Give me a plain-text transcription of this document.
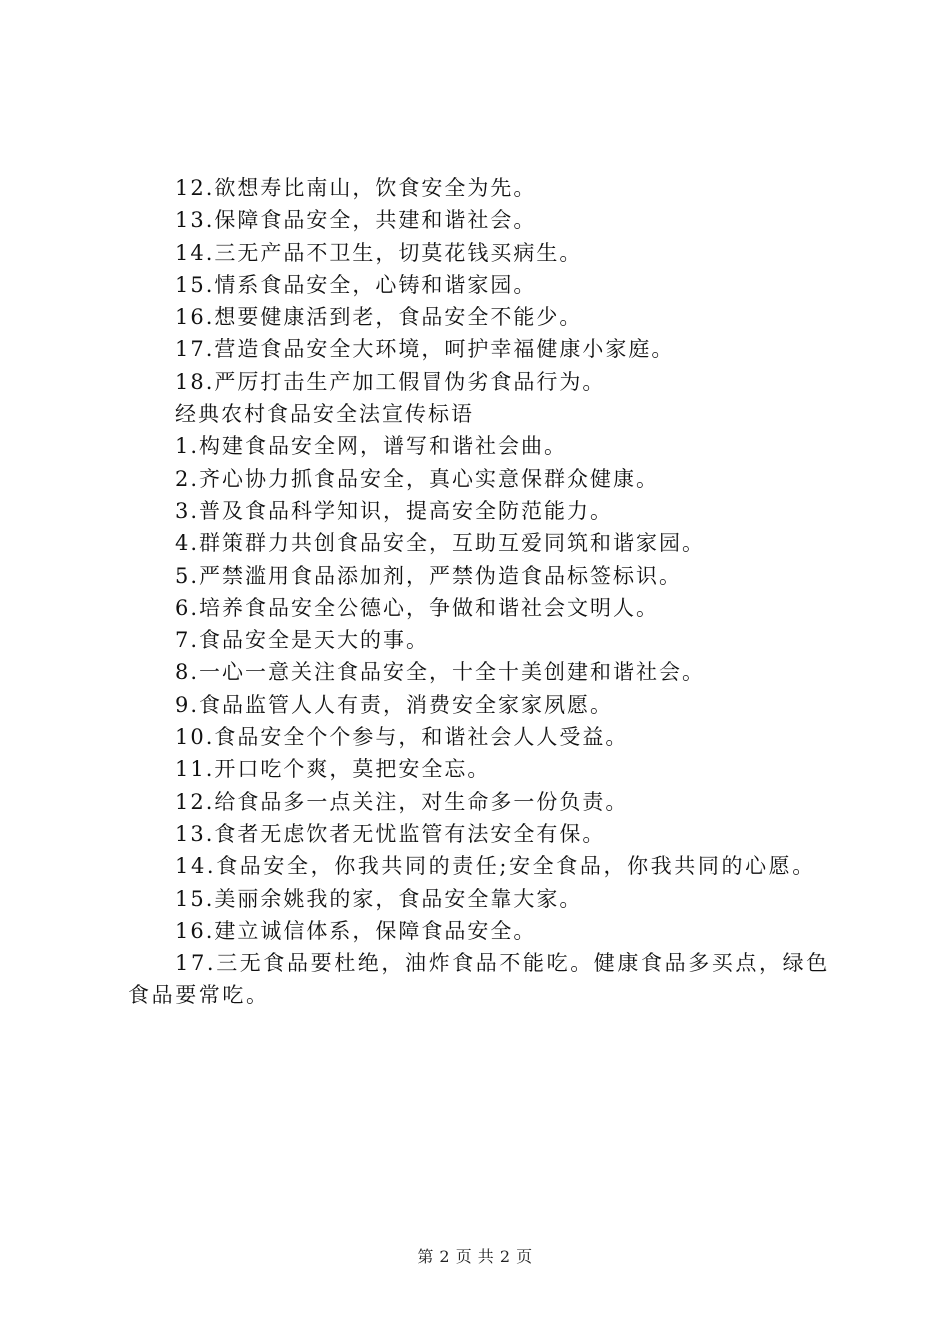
12.欲想寿比南山，饮食安全为先。
13.保障食品安全，共建和谐社会。
14.三无产品不卫生，切莫花钱买病生。
15.情系食品安全，心铸和谐家园。
16.想要健康活到老，食品安全不能少。
17.营造食品安全大环境，呵护幸福健康小家庭。
18.严厉打击生产加工假冒伪劣食品行为。
经典农村食品安全法宣传标语
1.构建食品安全网，谱写和谐社会曲。
2.齐心协力抓食品安全，真心实意保群众健康。
3.普及食品科学知识，提高安全防范能力。
4.群策群力共创食品安全，互助互爱同筑和谐家园。
5.严禁滥用食品添加剂，严禁伪造食品标签标识。
6.培养食品安全公德心，争做和谐社会文明人。
7.食品安全是天大的事。
8.一心一意关注食品安全，十全十美创建和谐社会。
9.食品监管人人有责，消费安全家家夙愿。
10.食品安全个个参与，和谐社会人人受益。
11.开口吃个爽，莫把安全忘。
12.给食品多一点关注，对生命多一份负责。
13.食者无虑饮者无忧监管有法安全有保。
14.食品安全，你我共同的责任;安全食品，你我共同的心愿。
15.美丽余姚我的家，食品安全靠大家。
16.建立诚信体系，保障食品安全。
17.三无食品要杜绝，油炸食品不能吃。健康食品多买点，绿色食品要常吃。
第 2 页 共 2 页
